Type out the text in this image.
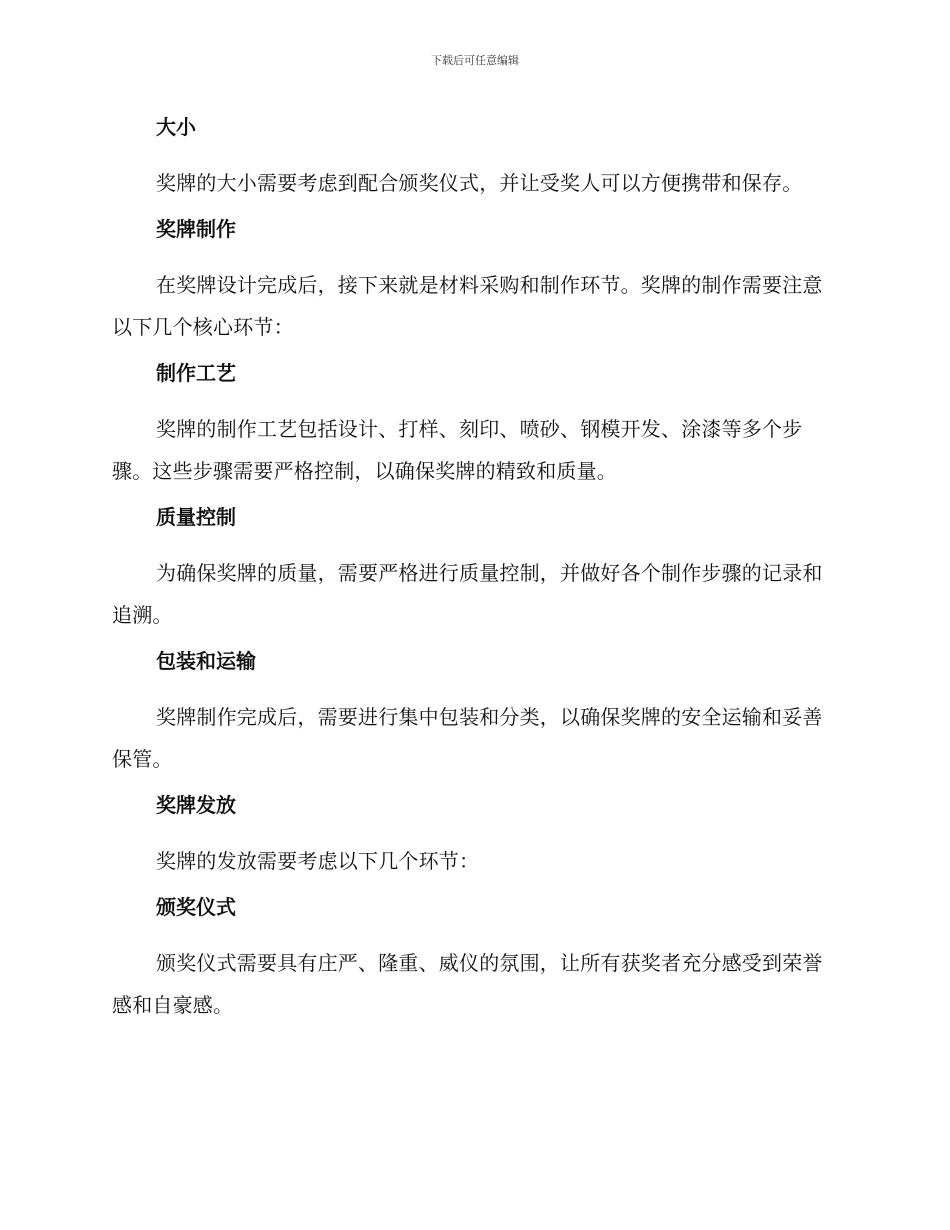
下载后可任意编辑
大小

奖牌的大小需要考虑到配合颁奖仪式，并让受奖人可以方便携带和保存。

奖牌制作

在奖牌设计完成后，接下来就是材料采购和制作环节。奖牌的制作需要注意以下几个核心环节：

制作工艺

奖牌的制作工艺包括设计、打样、刻印、喷砂、钢模开发、涂漆等多个步骤。这些步骤需要严格控制，以确保奖牌的精致和质量。

质量控制

为确保奖牌的质量，需要严格进行质量控制，并做好各个制作步骤的记录和追溯。

包装和运输

奖牌制作完成后，需要进行集中包装和分类，以确保奖牌的安全运输和妥善保管。

奖牌发放

奖牌的发放需要考虑以下几个环节：

颁奖仪式

颁奖仪式需要具有庄严、隆重、威仪的氛围，让所有获奖者充分感受到荣誉感和自豪感。
